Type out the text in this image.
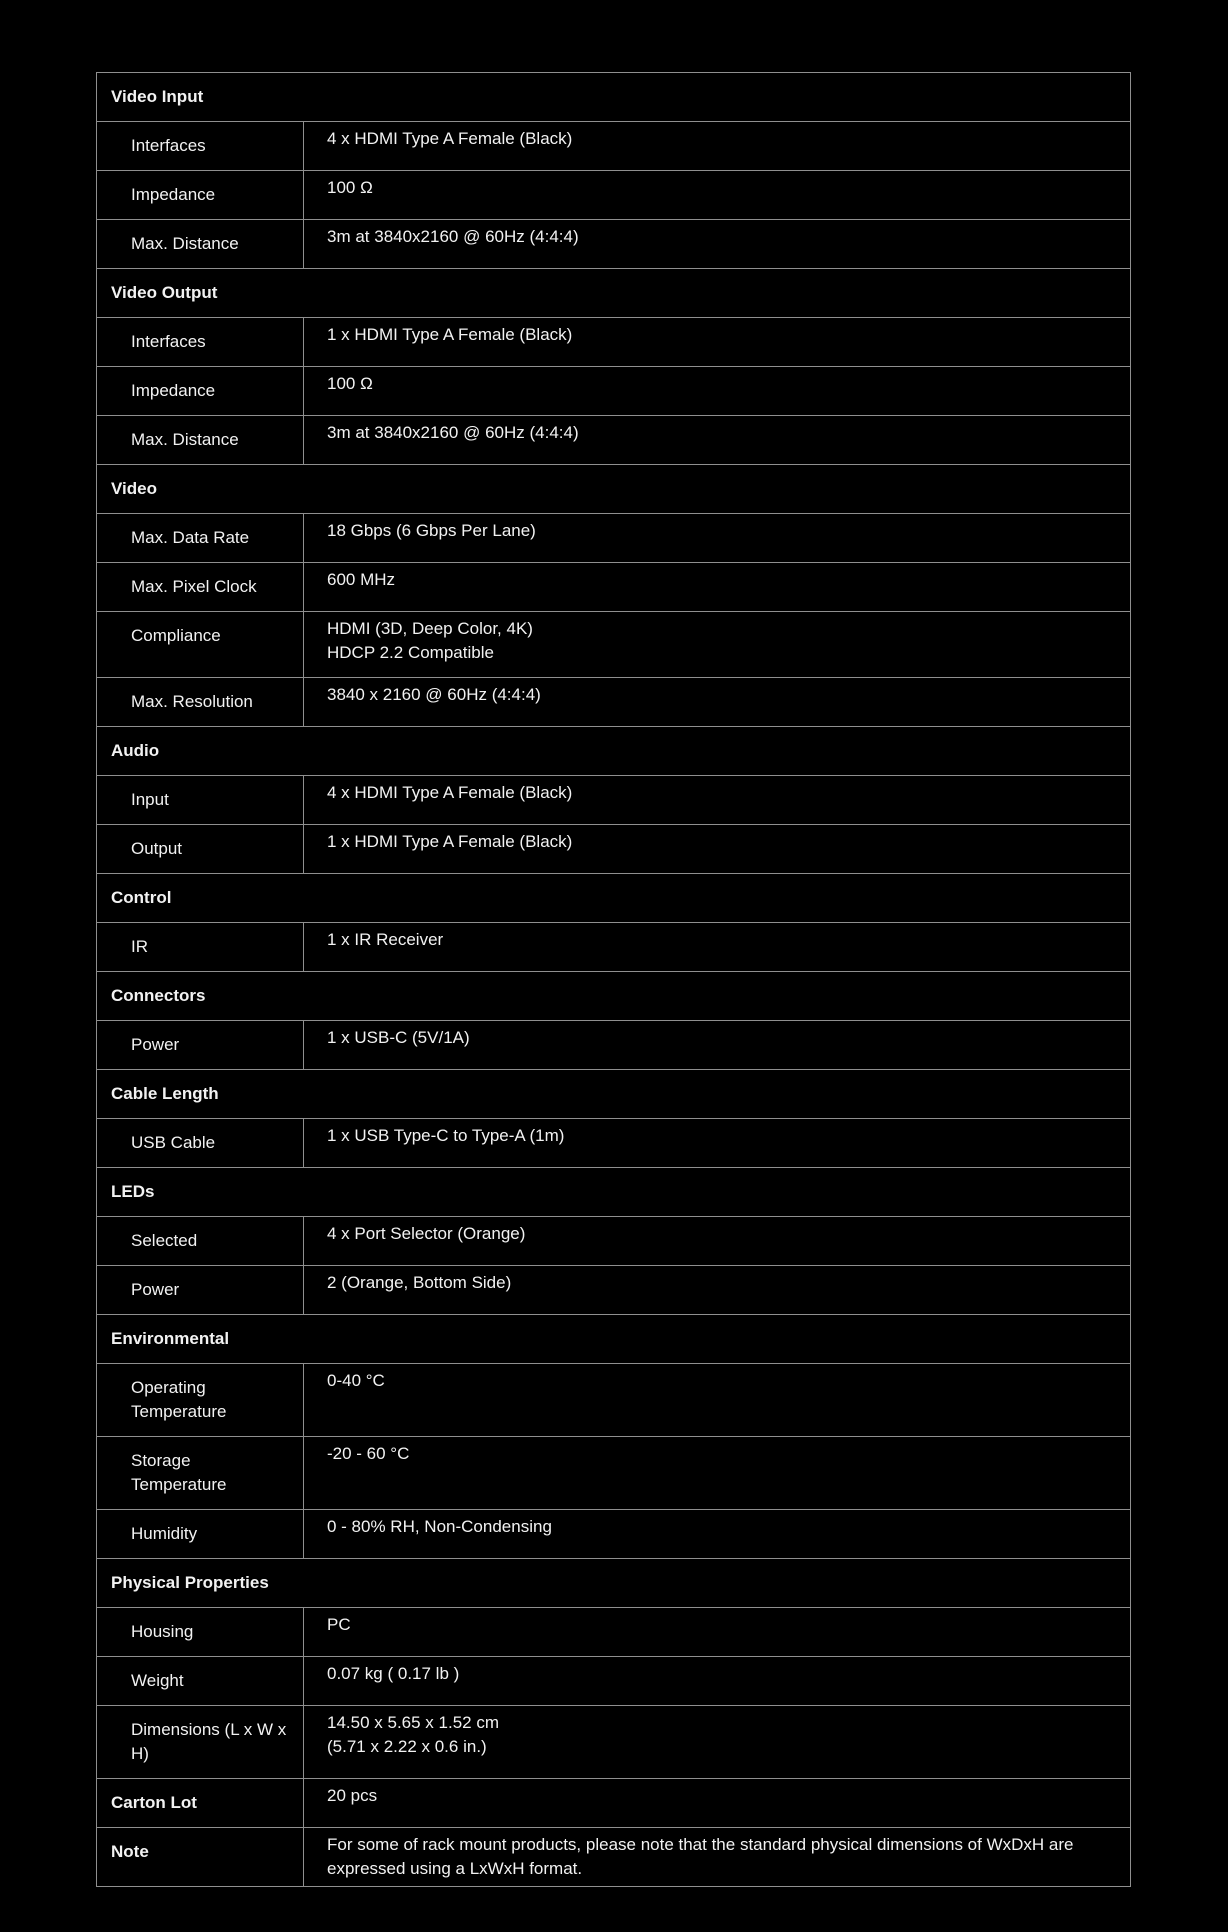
Video Input	
Interfaces	4 x HDMI Type A Female (Black)

Impedance	100 Ω

Max. Distance	3m at 3840x2160 @ 60Hz (4:4:4)

Video Output	
Interfaces	1 x HDMI Type A Female (Black)

Impedance	100 Ω

Max. Distance	3m at 3840x2160 @ 60Hz (4:4:4)

Video	
Max. Data Rate	18 Gbps (6 Gbps Per Lane)

Max. Pixel Clock	600 MHz

Compliance	HDMI (3D, Deep Color, 4K)
HDCP 2.2 Compatible

Max. Resolution	3840 x 2160 @ 60Hz (4:4:4)

Audio	
Input	4 x HDMI Type A Female (Black)

Output	1 x HDMI Type A Female (Black)

Control	
IR	1 x IR Receiver

Connectors	
Power	1 x USB-C (5V/1A)

Cable Length	
USB Cable	1 x USB Type-C to Type-A (1m)

LEDs	
Selected	4 x Port Selector (Orange)

Power	2 (Orange, Bottom Side)

Environmental	
Operating Temperature	0-40 °C

Storage Temperature	-20 - 60 °C

Humidity	0 - 80% RH, Non-Condensing

Physical Properties	
Housing	PC

Weight	0.07 kg ( 0.17 lb )

Dimensions (L x W x H)	14.50 x 5.65 x 1.52 cm
(5.71 x 2.22 x 0.6 in.)

Carton Lot	20 pcs

Note	For some of rack mount products, please note that the standard physical dimensions of WxDxH are expressed using a LxWxH format.
